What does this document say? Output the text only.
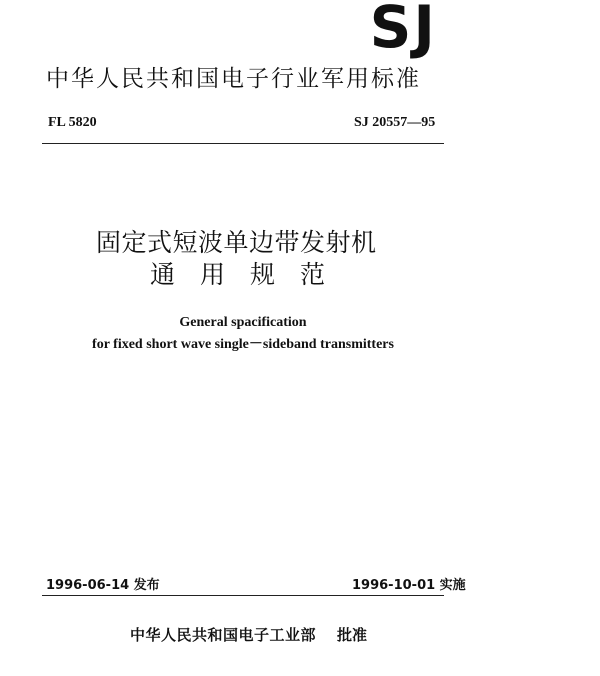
SJ
中华人民共和国电子行业军用标准
FL 5820	SJ 20557—95
固定式短波单边带发射机
通用规范
General spacification
for fixed short wave single－sideband transmitters
1996-06-14 发布	1996-10-01 实施
中华人民共和国电子工业部 批准
